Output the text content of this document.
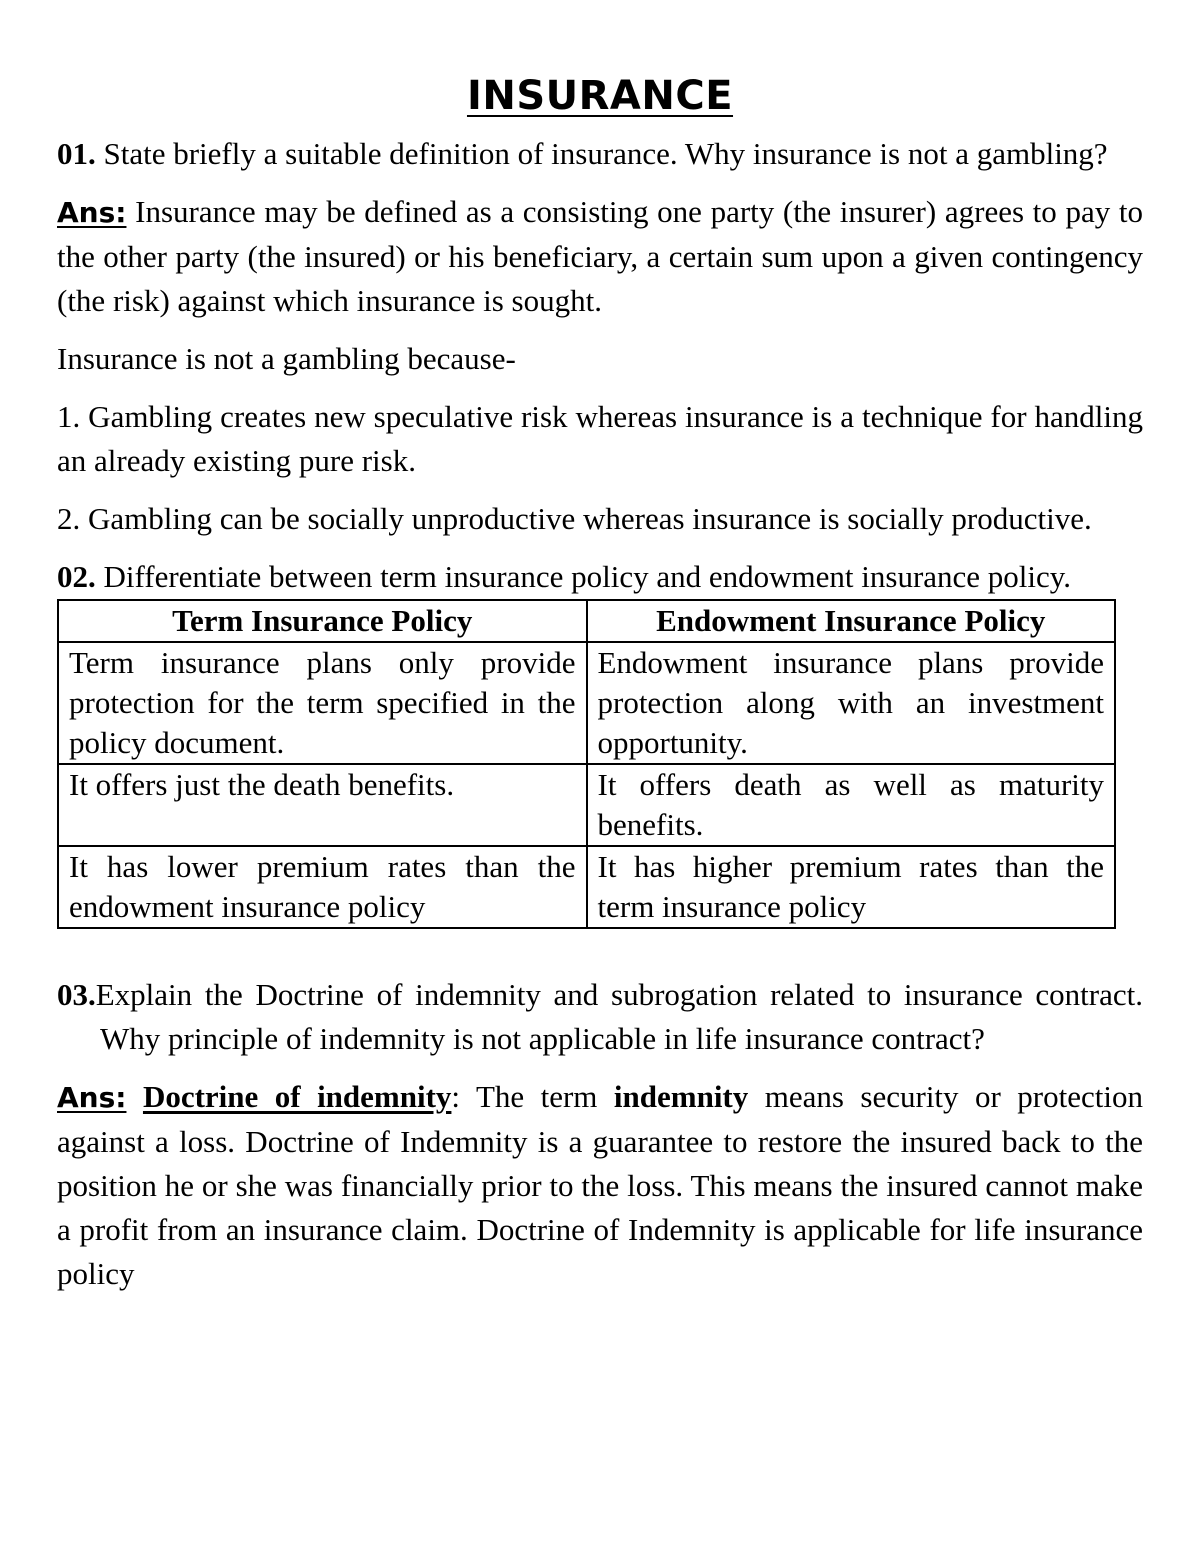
INSURANCE

01. State briefly a suitable definition of insurance. Why insurance is not a gambling?

Ans: Insurance may be defined as a consisting one party (the insurer) agrees to pay to the other party (the insured) or his beneficiary, a certain sum upon a given contingency (the risk) against which insurance is sought.

Insurance is not a gambling because-

1. Gambling creates new speculative risk whereas insurance is a technique for handling an already existing pure risk.

2. Gambling can be socially unproductive whereas insurance is socially productive.

02. Differentiate between term insurance policy and endowment insurance policy.

Term Insurance Policy	Endowment Insurance Policy
Term insurance plans only provide protection for the term specified in the policy document.	Endowment insurance plans provide protection along with an investment opportunity.
It offers just the death benefits.	It offers death as well as maturity benefits.
It has lower premium rates than the endowment insurance policy	It has higher premium rates than the term insurance policy

03.Explain the Doctrine of indemnity and subrogation related to insurance contract. Why principle of indemnity is not applicable in life insurance contract?

Ans: Doctrine of indemnity: The term indemnity means security or protection against a loss. Doctrine of Indemnity is a guarantee to restore the insured back to the position he or she was financially prior to the loss. This means the insured cannot make a profit from an insurance claim. Doctrine of Indemnity is applicable for life insurance policy
